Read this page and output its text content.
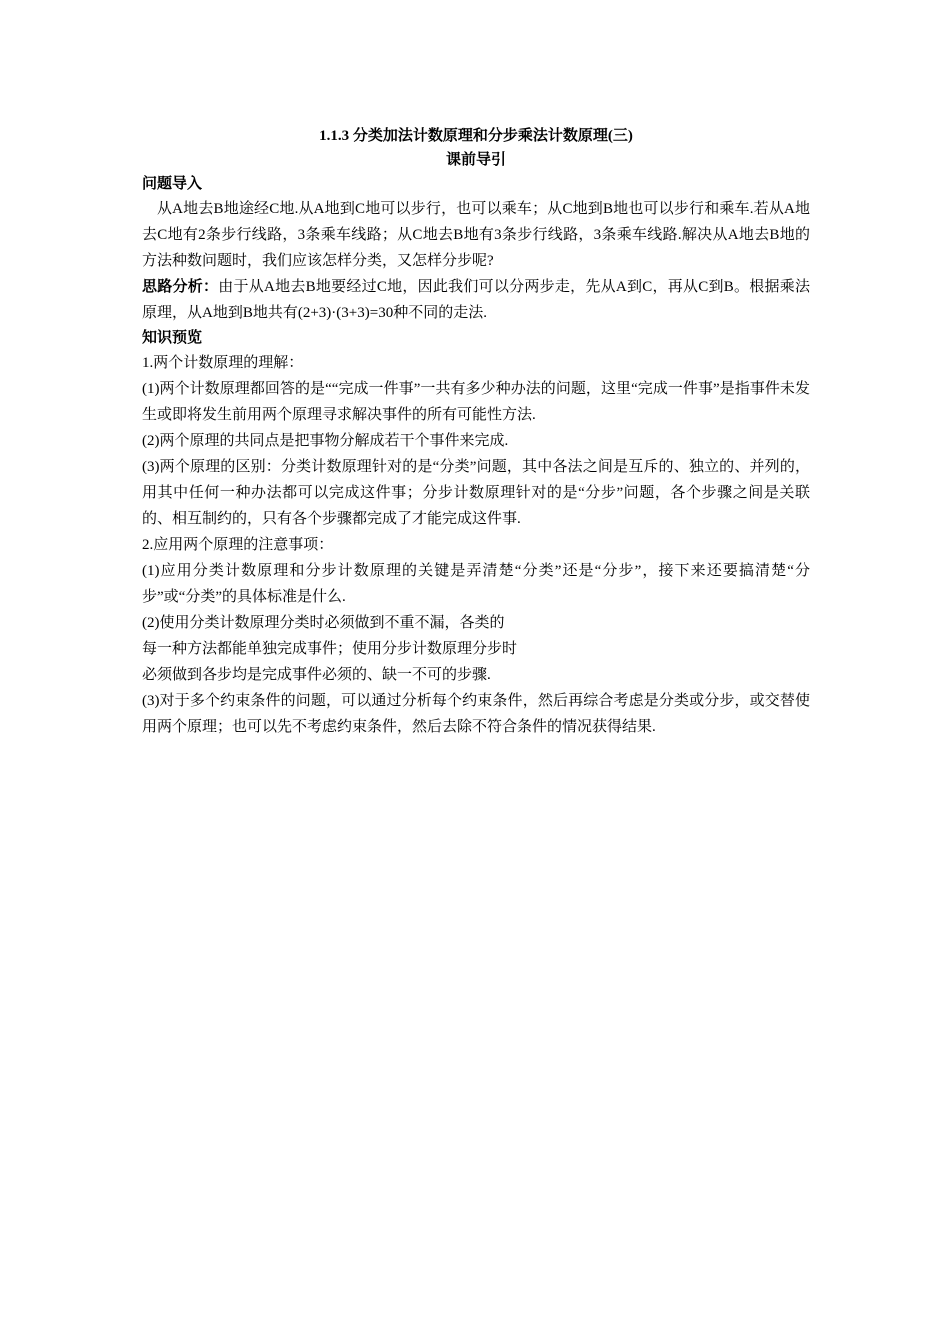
1.1.3 分类加法计数原理和分步乘法计数原理(三)

课前导引

问题导入

从A地去B地途经C地.从A地到C地可以步行，也可以乘车；从C地到B地也可以步行和乘车.若从A地去C地有2条步行线路，3条乘车线路；从C地去B地有3条步行线路，3条乘车线路.解决从A地去B地的方法种数问题时，我们应该怎样分类，又怎样分步呢?

思路分析：由于从A地去B地要经过C地，因此我们可以分两步走，先从A到C，再从C到B。根据乘法原理，从A地到B地共有(2+3)·(3+3)=30种不同的走法.

知识预览

1.两个计数原理的理解：

(1)两个计数原理都回答的是““完成一件事”一共有多少种办法的问题，这里“完成一件事”是指事件未发生或即将发生前用两个原理寻求解决事件的所有可能性方法.

(2)两个原理的共同点是把事物分解成若干个事件来完成.

(3)两个原理的区别：分类计数原理针对的是“分类”问题，其中各法之间是互斥的、独立的、并列的，用其中任何一种办法都可以完成这件事；分步计数原理针对的是“分步”问题，各个步骤之间是关联的、相互制约的，只有各个步骤都完成了才能完成这件事.

2.应用两个原理的注意事项：

(1)应用分类计数原理和分步计数原理的关键是弄清楚“分类”还是“分步”，接下来还要搞清楚“分步”或“分类”的具体标准是什么.

(2)使用分类计数原理分类时必须做到不重不漏，各类的
每一种方法都能单独完成事件；使用分步计数原理分步时
必须做到各步均是完成事件必须的、缺一不可的步骤.

(3)对于多个约束条件的问题，可以通过分析每个约束条件，然后再综合考虑是分类或分步，或交替使用两个原理；也可以先不考虑约束条件，然后去除不符合条件的情况获得结果.
